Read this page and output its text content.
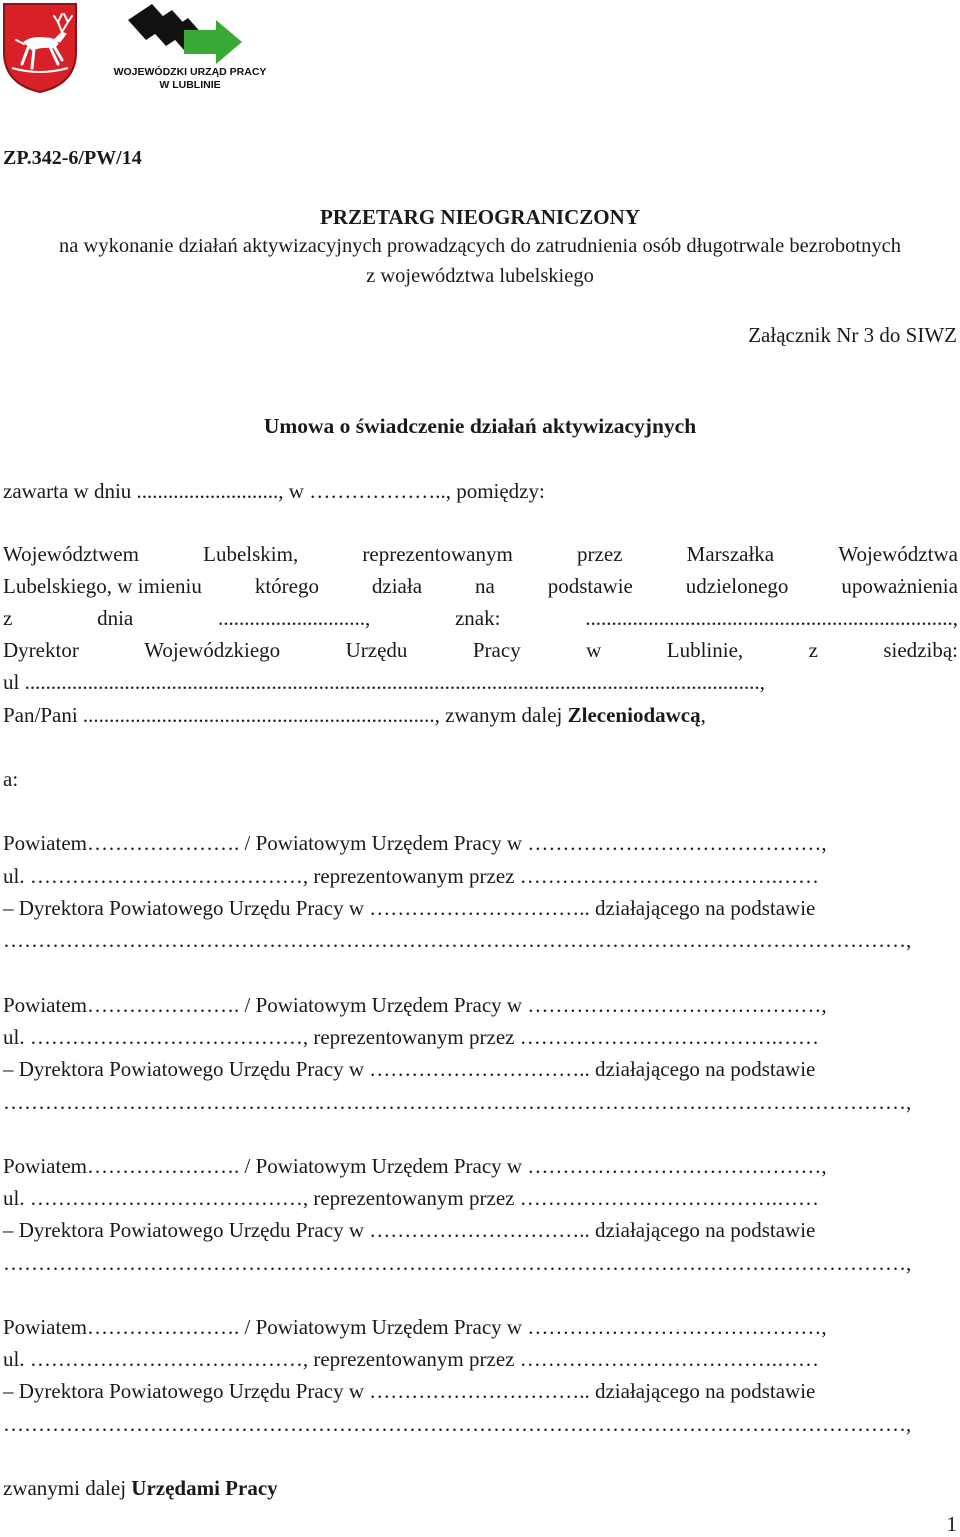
WOJEWÓDZKI URZĄD PRACY
W LUBLINIE
ZP.342-6/PW/14
PRZETARG NIEOGRANICZONY
na wykonanie działań aktywizacyjnych prowadzących do zatrudnienia osób długotrwale bezrobotnych
z województwa lubelskiego
Załącznik Nr 3 do SIWZ
Umowa o świadczenie działań aktywizacyjnych
zawarta w dniu ..........................., w ……………….., pomiędzy:
Województwem	Lubelskim,	reprezentowanym	przez	Marszałka	Województwa
Lubelskiego, w imieniu	którego	działa	na	podstawie	udzielonego	upoważnienia
z	dnia	............................,	znak:	......................................................................,
Dyrektor	Wojewódzkiego	Urzędu	Pracy	w	Lublinie,	z	siedzibą:
ul ............................................................................................................................................,
Pan/Pani ..................................................................., zwanym dalej Zleceniodawcą,
a:
Powiatem…………………. / Powiatowym Urzędem Pracy w ……………………………………,
ul. …………………………………, reprezentowanym przez ……………………………….……
– Dyrektora Powiatowego Urzędu Pracy w ………………………….. działającego na podstawie
…………………………………………………………………………………………………………………,
Powiatem…………………. / Powiatowym Urzędem Pracy w ……………………………………,
ul. …………………………………, reprezentowanym przez ……………………………….……
– Dyrektora Powiatowego Urzędu Pracy w ………………………….. działającego na podstawie
…………………………………………………………………………………………………………………,
Powiatem…………………. / Powiatowym Urzędem Pracy w ……………………………………,
ul. …………………………………, reprezentowanym przez ……………………………….……
– Dyrektora Powiatowego Urzędu Pracy w ………………………….. działającego na podstawie
…………………………………………………………………………………………………………………,
Powiatem…………………. / Powiatowym Urzędem Pracy w ……………………………………,
ul. …………………………………, reprezentowanym przez ……………………………….……
– Dyrektora Powiatowego Urzędu Pracy w ………………………….. działającego na podstawie
…………………………………………………………………………………………………………………,
zwanymi dalej Urzędami Pracy
1
